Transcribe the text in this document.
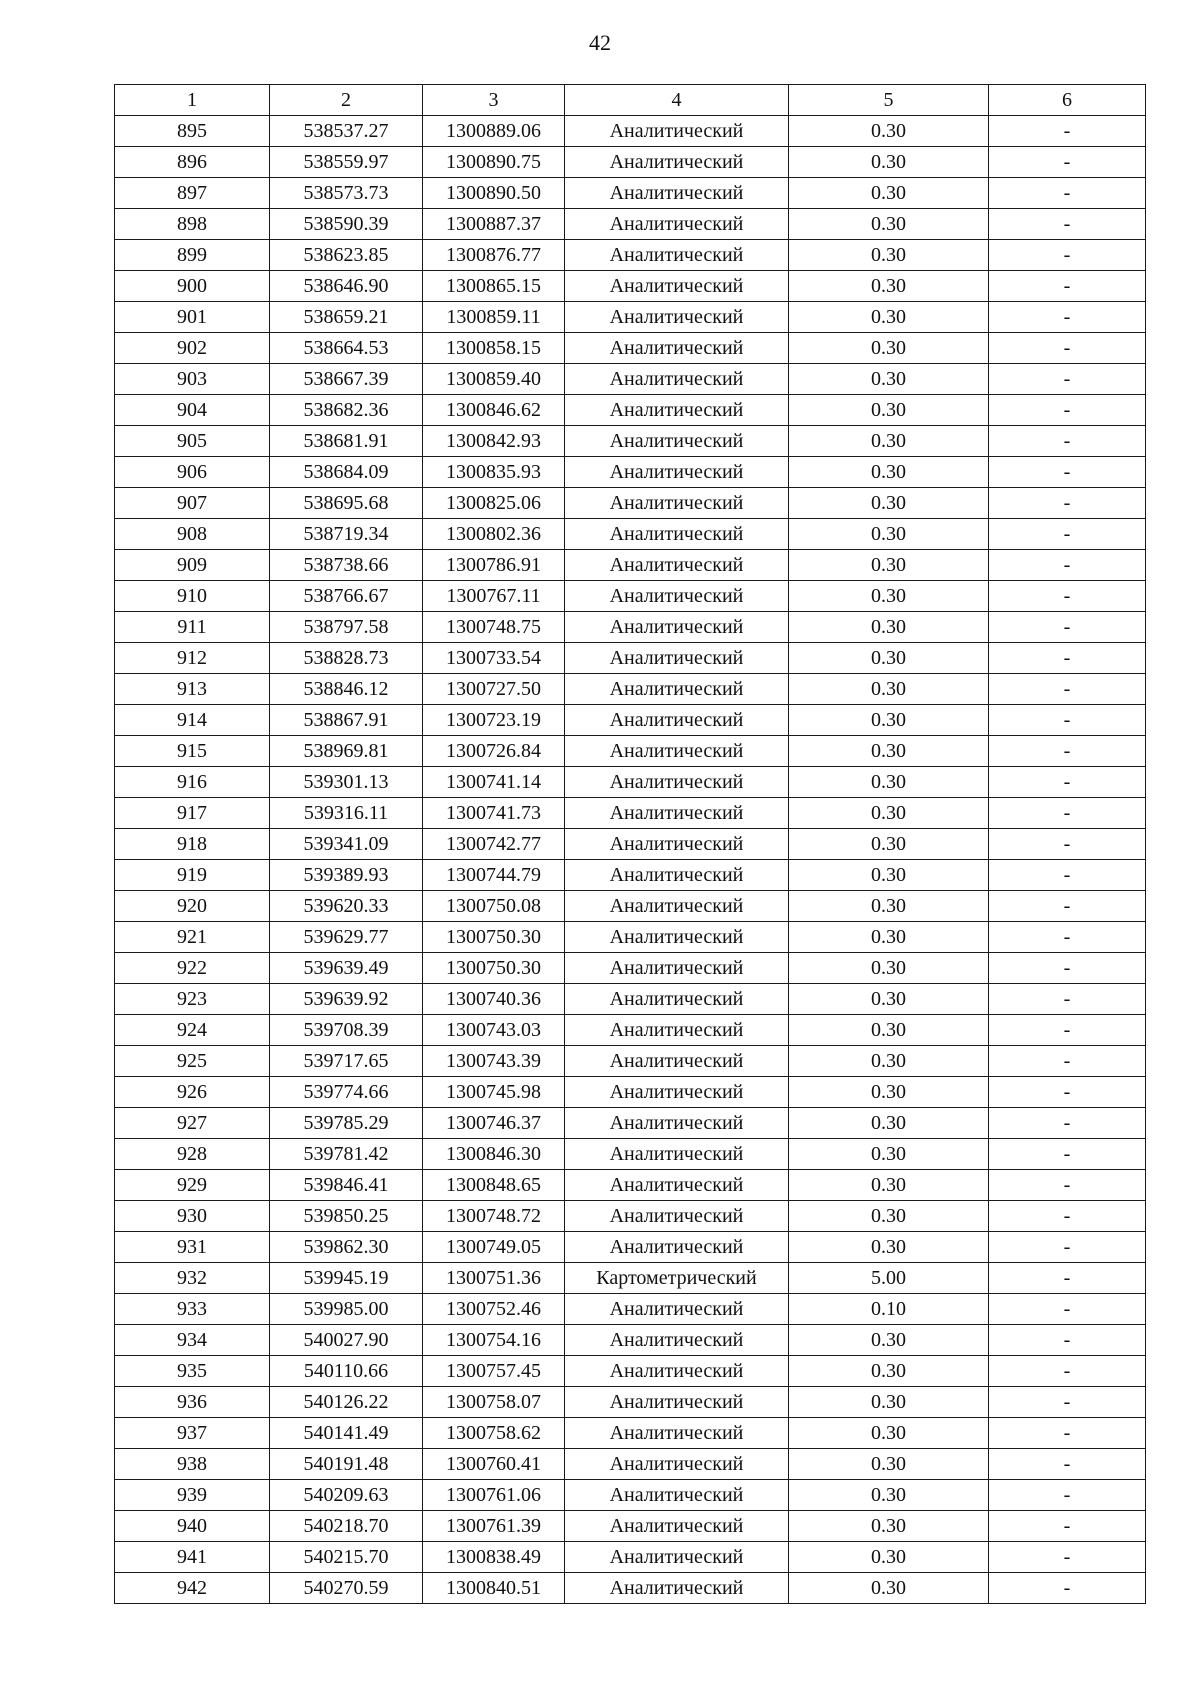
42
1	2	3	4	5	6
895	538537.27	1300889.06	Аналитический	0.30	-
896	538559.97	1300890.75	Аналитический	0.30	-
897	538573.73	1300890.50	Аналитический	0.30	-
898	538590.39	1300887.37	Аналитический	0.30	-
899	538623.85	1300876.77	Аналитический	0.30	-
900	538646.90	1300865.15	Аналитический	0.30	-
901	538659.21	1300859.11	Аналитический	0.30	-
902	538664.53	1300858.15	Аналитический	0.30	-
903	538667.39	1300859.40	Аналитический	0.30	-
904	538682.36	1300846.62	Аналитический	0.30	-
905	538681.91	1300842.93	Аналитический	0.30	-
906	538684.09	1300835.93	Аналитический	0.30	-
907	538695.68	1300825.06	Аналитический	0.30	-
908	538719.34	1300802.36	Аналитический	0.30	-
909	538738.66	1300786.91	Аналитический	0.30	-
910	538766.67	1300767.11	Аналитический	0.30	-
911	538797.58	1300748.75	Аналитический	0.30	-
912	538828.73	1300733.54	Аналитический	0.30	-
913	538846.12	1300727.50	Аналитический	0.30	-
914	538867.91	1300723.19	Аналитический	0.30	-
915	538969.81	1300726.84	Аналитический	0.30	-
916	539301.13	1300741.14	Аналитический	0.30	-
917	539316.11	1300741.73	Аналитический	0.30	-
918	539341.09	1300742.77	Аналитический	0.30	-
919	539389.93	1300744.79	Аналитический	0.30	-
920	539620.33	1300750.08	Аналитический	0.30	-
921	539629.77	1300750.30	Аналитический	0.30	-
922	539639.49	1300750.30	Аналитический	0.30	-
923	539639.92	1300740.36	Аналитический	0.30	-
924	539708.39	1300743.03	Аналитический	0.30	-
925	539717.65	1300743.39	Аналитический	0.30	-
926	539774.66	1300745.98	Аналитический	0.30	-
927	539785.29	1300746.37	Аналитический	0.30	-
928	539781.42	1300846.30	Аналитический	0.30	-
929	539846.41	1300848.65	Аналитический	0.30	-
930	539850.25	1300748.72	Аналитический	0.30	-
931	539862.30	1300749.05	Аналитический	0.30	-
932	539945.19	1300751.36	Картометрический	5.00	-
933	539985.00	1300752.46	Аналитический	0.10	-
934	540027.90	1300754.16	Аналитический	0.30	-
935	540110.66	1300757.45	Аналитический	0.30	-
936	540126.22	1300758.07	Аналитический	0.30	-
937	540141.49	1300758.62	Аналитический	0.30	-
938	540191.48	1300760.41	Аналитический	0.30	-
939	540209.63	1300761.06	Аналитический	0.30	-
940	540218.70	1300761.39	Аналитический	0.30	-
941	540215.70	1300838.49	Аналитический	0.30	-
942	540270.59	1300840.51	Аналитический	0.30	-
